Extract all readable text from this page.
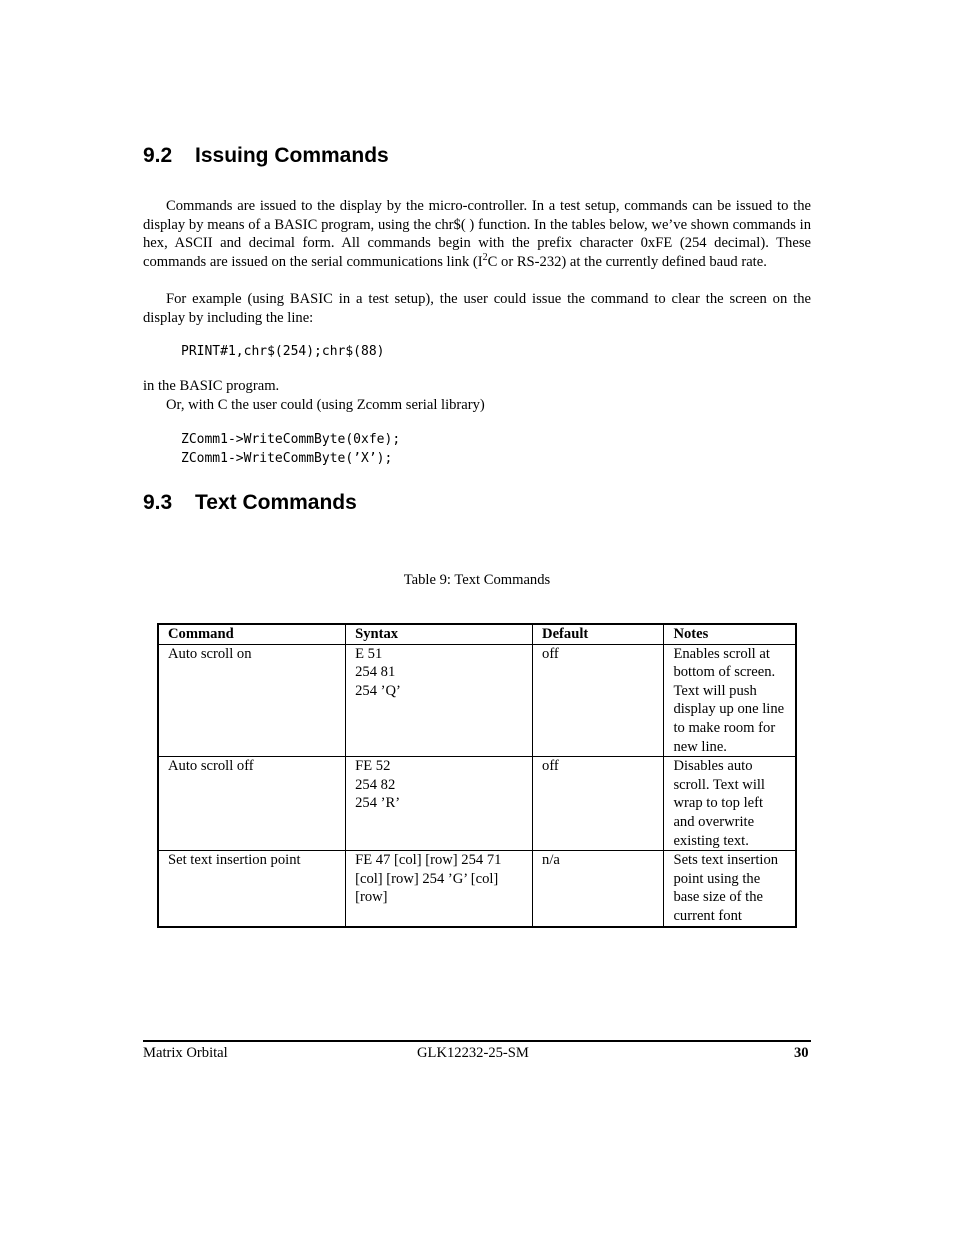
9.2 Issuing Commands

Commands are issued to the display by the micro-controller. In a test setup, commands can be issued to the display by means of a BASIC program, using the chr$( ) function. In the tables below, we’ve shown commands in hex, ASCII and decimal form. All commands begin with the prefix character 0xFE (254 decimal). These commands are issued on the serial communications link ($I^2C$ or RS-232) at the currently defined baud rate.

For example (using BASIC in a test setup), the user could issue the command to clear the screen on the display by including the line:

PRINT#1,chr$(254);chr$(88)

in the BASIC program.

Or, with C the user could (using Zcomm serial library)

ZComm1->WriteCommByte(0xfe);
ZComm1->WriteCommByte(’X’);
9.3 Text Commands
Table 9: Text Commands
Command	Syntax	Default	Notes
Auto scroll on	E 51
254 81
254 ’Q’	off	Enables scroll at bottom of screen. Text will push display up one line to make room for new line.
Auto scroll off	FE 52
254 82
254 ’R’	off	Disables auto scroll. Text will wrap to top left and overwrite existing text.
Set text insertion point	FE 47 [col] [row] 254 71 [col] [row] 254 ’G’ [col] [row]	n/a	Sets text insertion point using the base size of the current font
Matrix Orbital	GLK12232-25-SM	30
